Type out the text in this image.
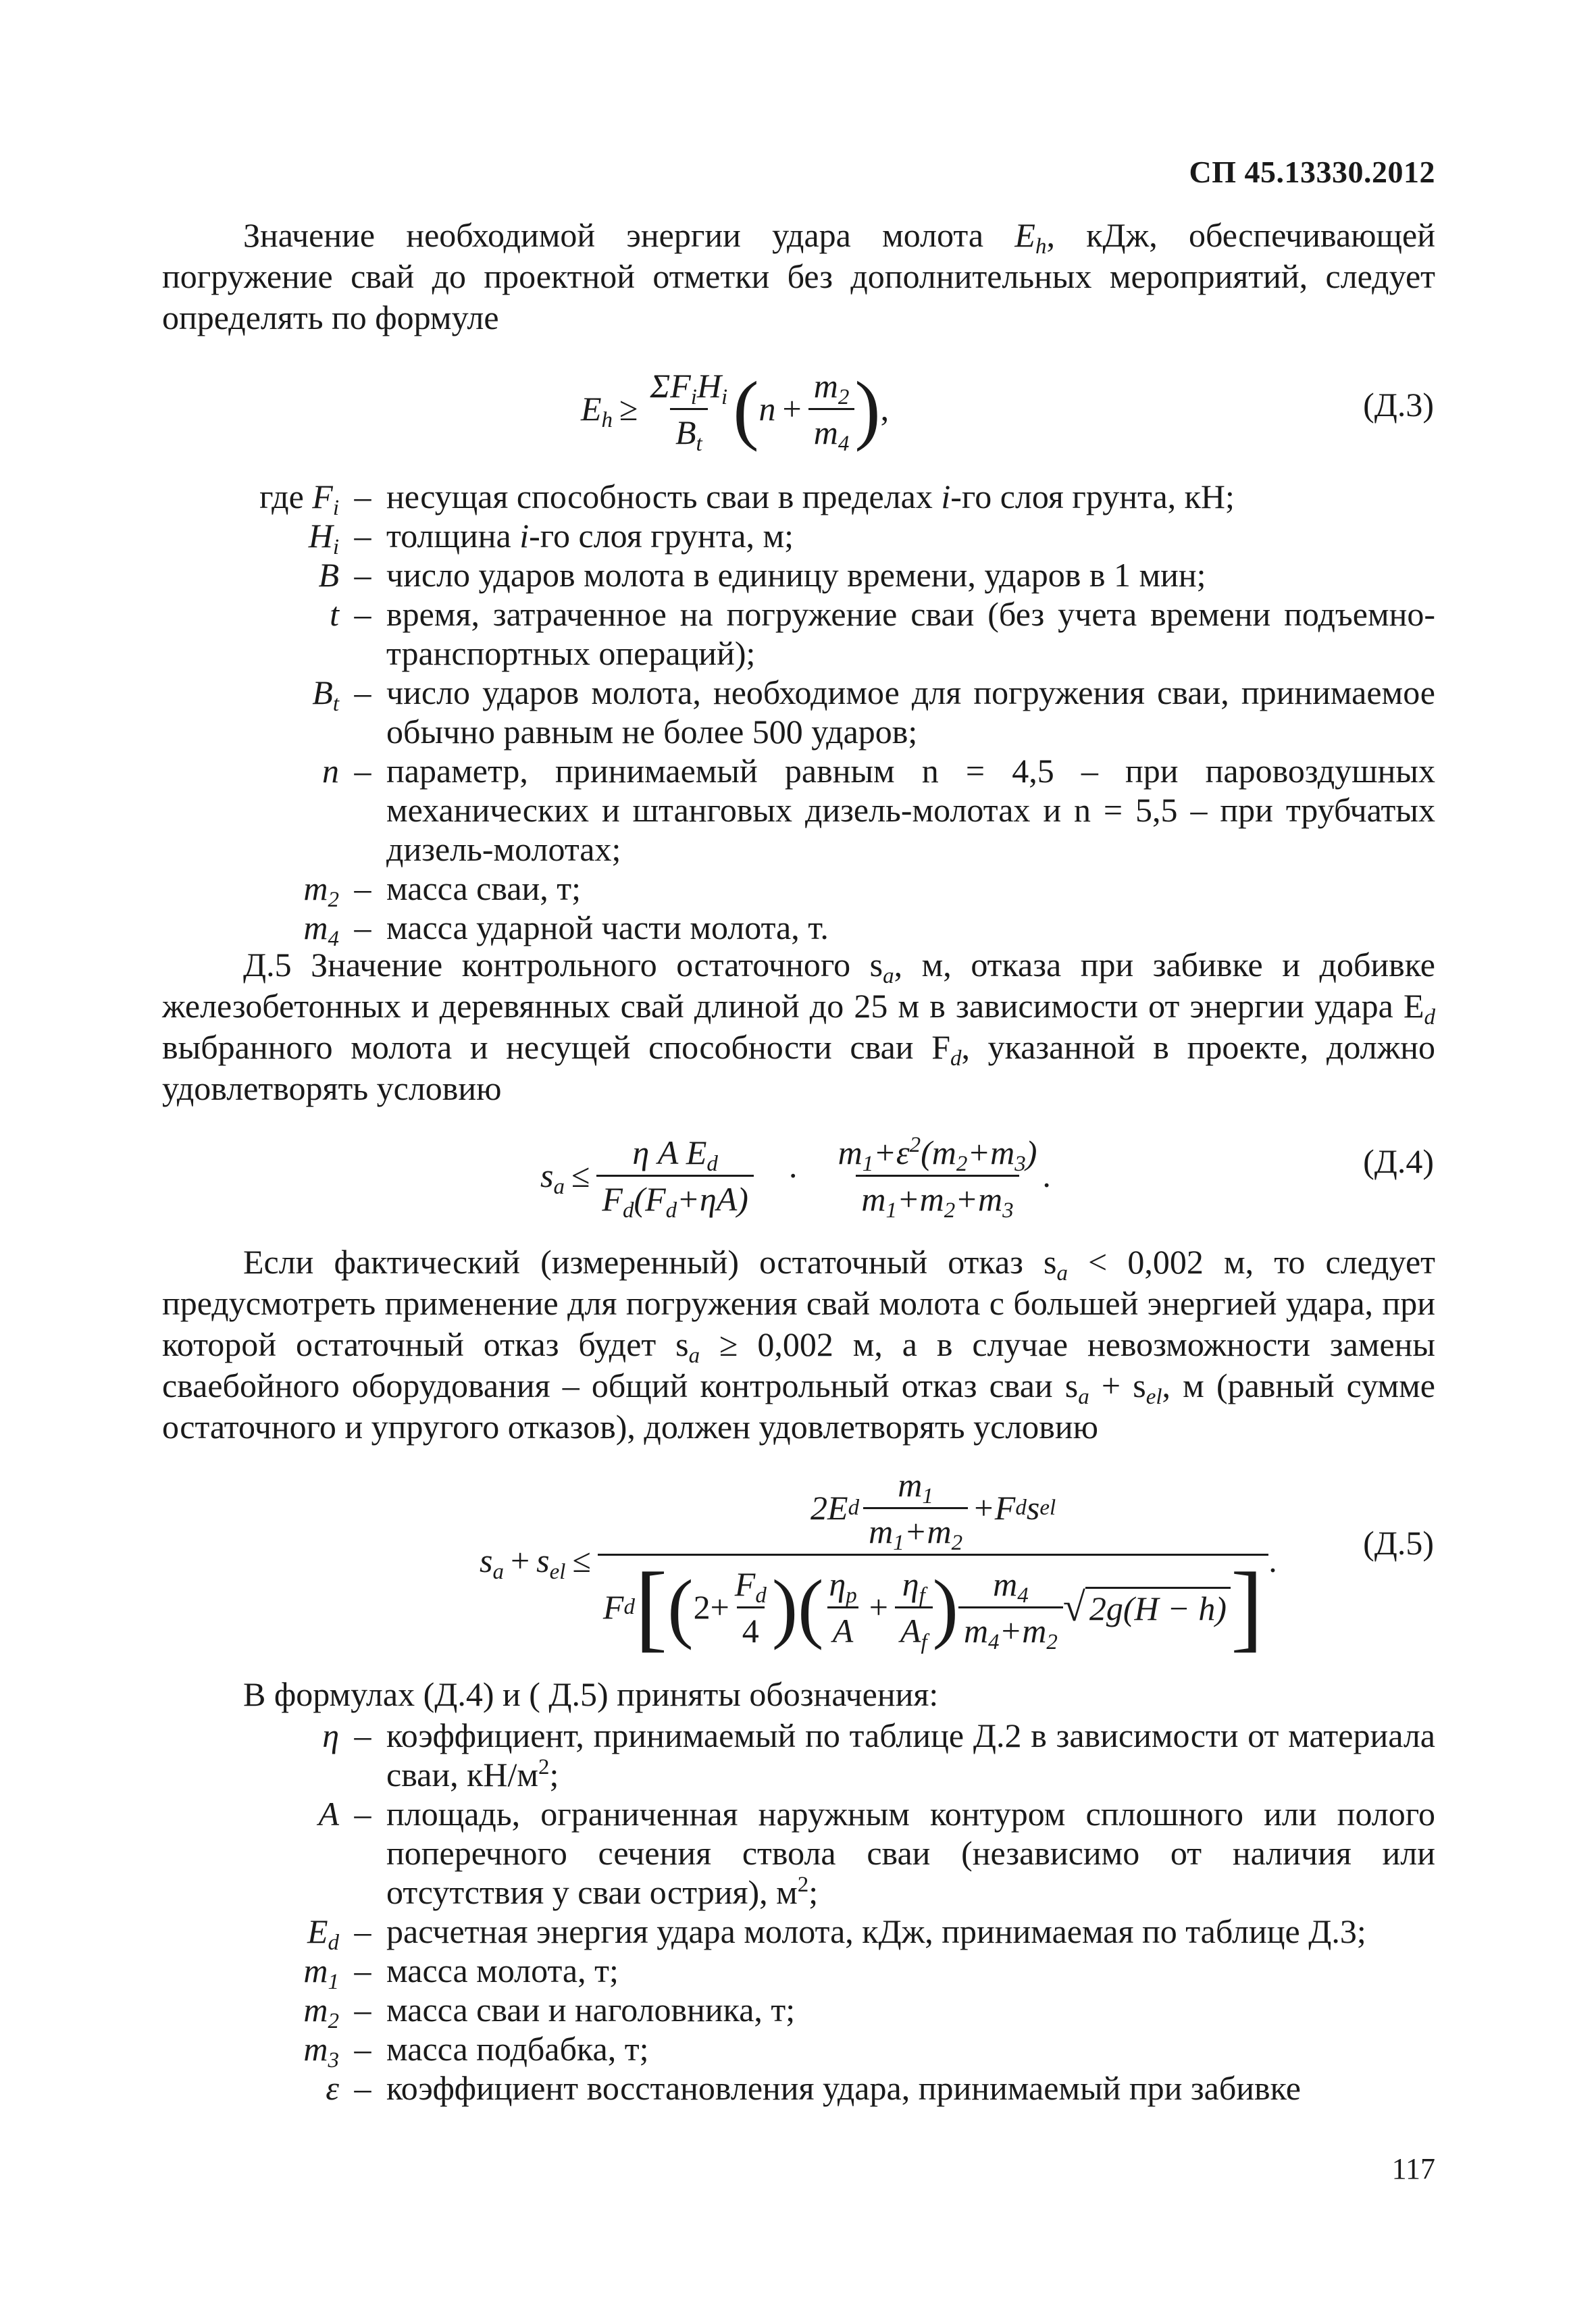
СП 45.13330.2012
Значение необходимой энергии удара молота $E_h$, кДж, обеспечивающей погружение свай до проектной отметки без дополнительных мероприятий, следует определять по формуле
$E_h \ge \frac{\Sigma F_iH_i}{B_t}$ ( $n + \frac{m_2}{m_4}$ ) ,	(Д.3)
где $F_i$ – несущая способность сваи в пределах i-го слоя грунта, кН;
$H_i$ – толщина i-го слоя грунта, м;
B – число ударов молота в единицу времени, ударов в 1 мин;
t – время, затраченное на погружение сваи (без учета времени подъемно-транспортных операций);
$B_t$ – число ударов молота, необходимое для погружения сваи, принимаемое обычно равным не более 500 ударов;
n – параметр, принимаемый равным n = 4,5 – при паровоздушных механических и штанговых дизель-молотах и n = 5,5 – при трубчатых дизель-молотах;
$m_2$ – масса сваи, т;
$m_4$ – масса ударной части молота, т.
Д.5 Значение контрольного остаточного $s_a$, м, отказа при забивке и добивке железобетонных и деревянных свай длиной до 25 м в зависимости от энергии удара $E_d$ выбранного молота и несущей способности сваи $F_d$, указанной в проекте, должно удовлетворять условию
$s_a \le \frac{\eta A E_d}{F_d(F_d+\eta A)}$	·	$\frac{m_1+\varepsilon^2(m_2+m_3)}{m_1+m_2+m_3}$ .	(Д.4)
Если фактический (измеренный) остаточный отказ $s_a < 0,002$ м, то следует предусмотреть применение для погружения свай молота с большей энергией удара, при которой остаточный отказ будет $s_a \ge 0,002$ м, а в случае невозможности замены сваебойного оборудования – общий контрольный отказ сваи $s_a + s_{el}$, м (равный сумме остаточного и упругого отказов), должен удовлетворять условию
$s_a + s_{el}$ ≤
2E d $\frac{m_1}{m_1+m_2} +F$ d s el
F d [ ( $2+ \frac{F_d}{4}$ ) ( $\frac{\eta_p}{A} + \frac{\eta_f}{A_f}$ ) $\frac{m_4}{m_4+m_2}$ √ 2g(H − h) ] .	(Д.5)
В формулах (Д.4) и ( Д.5) приняты обозначения:
η – коэффициент, принимаемый по таблице Д.2 в зависимости от материала сваи, $кН/м^2$;
A – площадь, ограниченная наружным контуром сплошного или полого поперечного сечения ствола сваи (независимо от наличия или отсутствия у сваи острия), $м^2$;
$E_d$ – расчетная энергия удара молота, кДж, принимаемая по таблице Д.3;
$m_1$ – масса молота, т;
$m_2$ – масса сваи и наголовника, т;
$m_3$ – масса подбабка, т;
ε – коэффициент восстановления удара, принимаемый при забивке
117
